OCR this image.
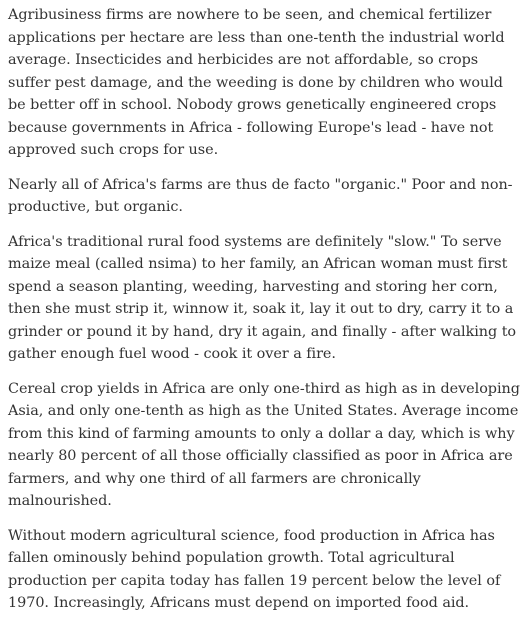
Agribusiness firms are nowhere to be seen, and chemical fertilizer applications per hectare are less than one-tenth the industrial world average. Insecticides and herbicides are not affordable, so crops suffer pest damage, and the weeding is done by children who would be better off in school. Nobody grows genetically engineered crops because governments in Africa - following Europe's lead - have not approved such crops for use.

Nearly all of Africa's farms are thus de facto "organic." Poor and non-productive, but organic.

Africa's traditional rural food systems are definitely "slow." To serve maize meal (called nsima) to her family, an African woman must first spend a season planting, weeding, harvesting and storing her corn, then she must strip it, winnow it, soak it, lay it out to dry, carry it to a grinder or pound it by hand, dry it again, and finally - after walking to gather enough fuel wood - cook it over a fire.

Cereal crop yields in Africa are only one-third as high as in developing Asia, and only one-tenth as high as the United States. Average income from this kind of farming amounts to only a dollar a day, which is why nearly 80 percent of all those officially classified as poor in Africa are farmers, and why one third of all farmers are chronically malnourished.

Without modern agricultural science, food production in Africa has fallen ominously behind population growth. Total agricultural production per capita today has fallen 19 percent below the level of 1970. Increasingly, Africans must depend on imported food aid.
